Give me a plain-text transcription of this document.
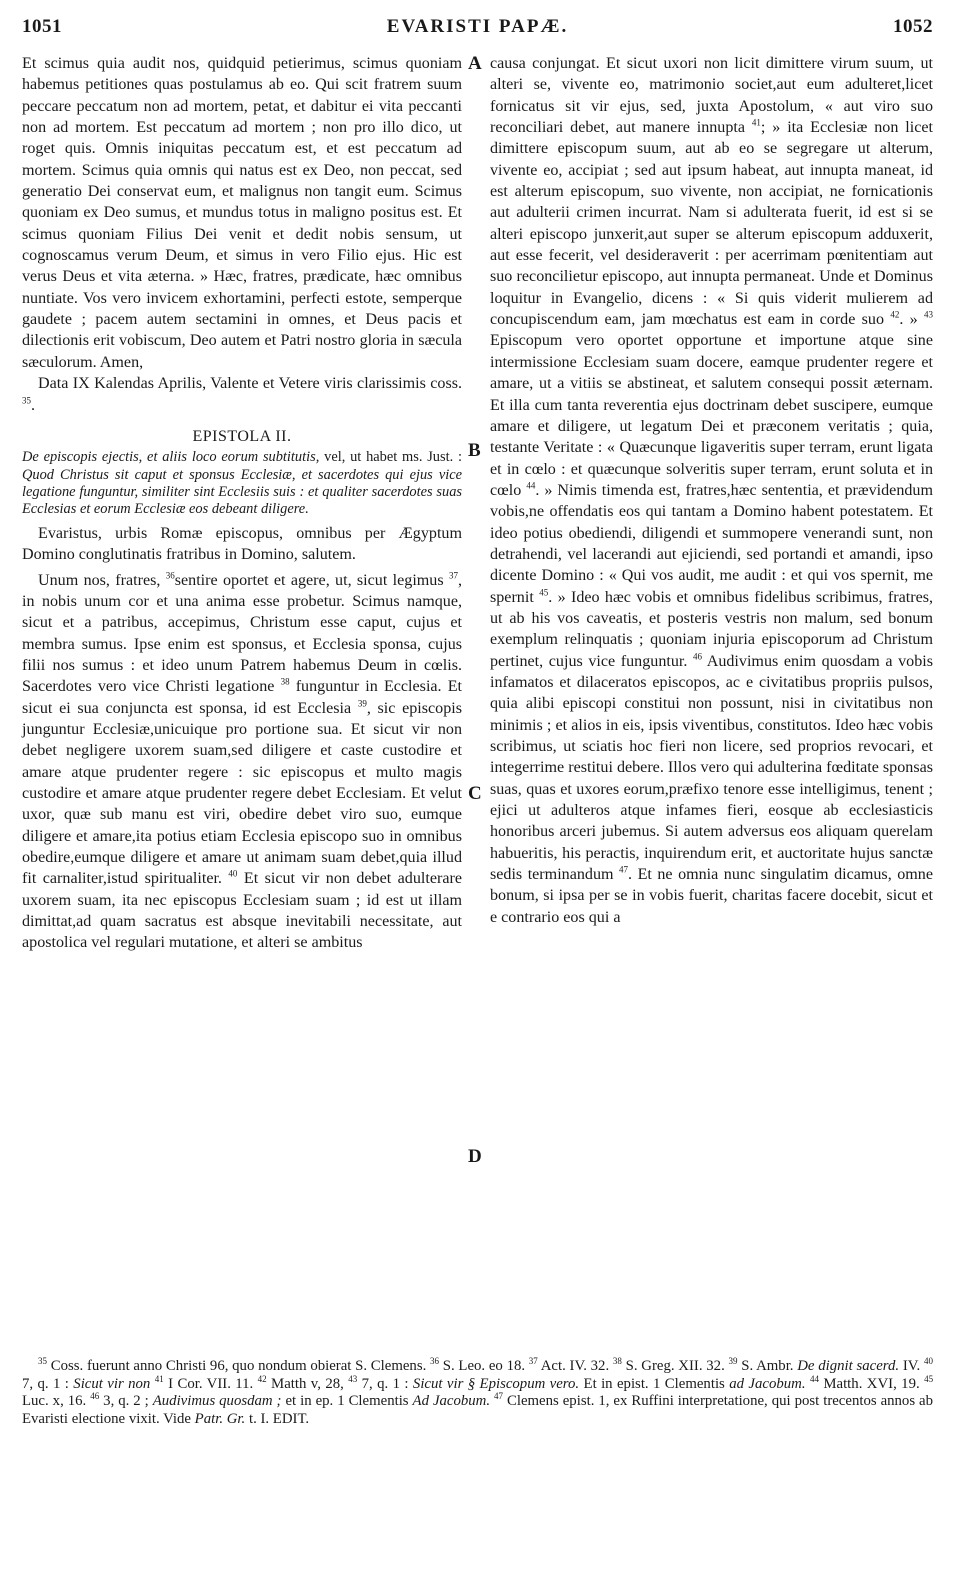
1051	EVARISTI PAPÆ.	1052
A
B
C
D

Et scimus quia audit nos, quidquid petierimus, scimus quoniam habemus petitiones quas postulamus ab eo. Qui scit fratrem suum peccare peccatum non ad mortem, petat, et dabitur ei vita peccanti non ad mortem. Est peccatum ad mortem ; non pro illo dico, ut roget quis. Omnis iniquitas peccatum est, et est peccatum ad mortem. Scimus quia omnis qui natus est ex Deo, non peccat, sed generatio Dei conservat eum, et malignus non tangit eum. Scimus quoniam ex Deo sumus, et mundus totus in maligno positus est. Et scimus quoniam Filius Dei venit et dedit nobis sensum, ut cognoscamus verum Deum, et simus in vero Filio ejus. Hic est verus Deus et vita æterna. » Hæc, fratres, prædicate, hæc omnibus nuntiate. Vos vero invicem exhortamini, perfecti estote, semperque gaudete ; pacem autem sectamini in omnes, et Deus pacis et dilectionis erit vobiscum, Deo autem et Patri nostro gloria in sæcula sæculorum. Amen,

Data IX Kalendas Aprilis, Valente et Vetere viris clarissimis coss. $^{35}$.

EPISTOLA II.

De episcopis ejectis, et aliis loco eorum subtitutis, vel, ut habet ms. Just. : Quod Christus sit caput et sponsus Ecclesiæ, et sacerdotes qui ejus vice legatione funguntur, similiter sint Ecclesiis suis : et qualiter sacerdotes suas Ecclesias et eorum Ecclesiæ eos debeant diligere.

Evaristus, urbis Romæ episcopus, omnibus per Ægyptum Domino conglutinatis fratribus in Domino, salutem.

Unum nos, fratres, $^{36}$sentire oportet et agere, ut, sicut legimus $^{37}$, in nobis unum cor et una anima esse probetur. Scimus namque, sicut et a patribus, accepimus, Christum esse caput, cujus et membra sumus. Ipse enim est sponsus, et Ecclesia sponsa, cujus filii nos sumus : et ideo unum Patrem habemus Deum in cœlis. Sacerdotes vero vice Christi legatione $^{38}$ funguntur in Ecclesia. Et sicut ei sua conjuncta est sponsa, id est Ecclesia $^{39}$, sic episcopis junguntur Ecclesiæ,unicuique pro portione sua. Et sicut vir non debet negligere uxorem suam,sed diligere et caste custodire et amare atque prudenter regere : sic episcopus et multo magis custodire et amare atque prudenter regere debet Ecclesiam. Et velut uxor, quæ sub manu est viri, obedire debet viro suo, eumque diligere et amare,ita potius etiam Ecclesia episcopo suo in omnibus obedire,eumque diligere et amare ut animam suam debet,quia illud fit carnaliter,istud spiritualiter. $^{40}$ Et sicut vir non debet adulterare uxorem suam, ita nec episcopus Ecclesiam suam ; id est ut illam dimittat,ad quam sacratus est absque inevitabili necessitate, aut apostolica vel regulari mutatione, et alteri se ambitus

causa conjungat. Et sicut uxori non licit dimittere virum suum, ut alteri se, vivente eo, matrimonio societ,aut eum adulteret,licet fornicatus sit vir ejus, sed, juxta Apostolum, « aut viro suo reconciliari debet, aut manere innupta $^{41}$; » ita Ecclesiæ non licet dimittere episcopum suum, aut ab eo se segregare ut alterum, vivente eo, accipiat ; sed aut ipsum habeat, aut innupta maneat, id est alterum episcopum, suo vivente, non accipiat, ne fornicationis aut adulterii crimen incurrat. Nam si adulterata fuerit, id est si se alteri episcopo junxerit,aut super se alterum episcopum adduxerit, aut esse fecerit, vel desideraverit : per acerrimam pœnitentiam aut suo reconcilietur episcopo, aut innupta permaneat. Unde et Dominus loquitur in Evangelio, dicens : « Si quis viderit mulierem ad concupiscendum eam, jam mœchatus est eam in corde suo $^{42}$. » $^{43}$ Episcopum vero oportet opportune et importune atque sine intermissione Ecclesiam suam docere, eamque prudenter regere et amare, ut a vitiis se abstineat, et salutem consequi possit æternam. Et illa cum tanta reverentia ejus doctrinam debet suscipere, eumque amare et diligere, ut legatum Dei et præconem veritatis ; quia, testante Veritate : « Quæcunque ligaveritis super terram, erunt ligata et in cœlo : et quæcunque solveritis super terram, erunt soluta et in cœlo $^{44}$. » Nimis timenda est, fratres,hæc sententia, et prævidendum vobis,ne offendatis eos qui tantam a Domino habent potestatem. Et ideo potius obediendi, diligendi et summopere venerandi sunt, non detrahendi, vel lacerandi aut ejiciendi, sed portandi et amandi, ipso dicente Domino : « Qui vos audit, me audit : et qui vos spernit, me spernit $^{45}$. » Ideo hæc vobis et omnibus fidelibus scribimus, fratres, ut ab his vos caveatis, et posteris vestris non malum, sed bonum exemplum relinquatis ; quoniam injuria episcoporum ad Christum pertinet, cujus vice funguntur. $^{46}$ Audivimus enim quosdam a vobis infamatos et dilaceratos episcopos, ac e civitatibus propriis pulsos, quia alibi episcopi constitui non possunt, nisi in civitatibus non minimis ; et alios in eis, ipsis viventibus, constitutos. Ideo hæc vobis scribimus, ut sciatis hoc fieri non licere, sed proprios revocari, et integerrime restitui debere. Illos vero qui adulterina fœditate sponsas suas, quas et uxores eorum,præfixo tenore esse intelligimus, tenent ; ejici ut adulteros atque infames fieri, eosque ab ecclesiasticis honoribus arceri jubemus. Si autem adversus eos aliquam querelam habueritis, his peractis, inquirendum erit, et auctoritate hujus sanctæ sedis terminandum $^{47}$. Et ne omnia nunc singulatim dicamus, omne bonum, si ipsa per se in vobis fuerit, charitas facere docebit, sicut et e contrario eos qui a

$^{35}$ Coss. fuerunt anno Christi 96, quo nondum obierat S. Clemens. $^{36}$ S. Leo. eo 18. $^{37}$ Act. IV. 32. $^{38}$ S. Greg. XII. 32. $^{39}$ S. Ambr. De dignit sacerd. IV. $^{40}$ 7, q. 1 : Sicut vir non $^{41}$ I Cor. VII. 11. $^{42}$ Matth v, 28, $^{43}$ 7, q. 1 : Sicut vir § Episcopum vero. Et in epist. 1 Clementis ad Jacobum. $^{44}$ Matth. XVI, 19. $^{45}$ Luc. x, 16. $^{46}$ 3, q. 2 ; Audivimus quosdam ; et in ep. 1 Clementis Ad Jacobum. $^{47}$ Clemens epist. 1, ex Ruffini interpretatione, qui post trecentos annos ab Evaristi electione vixit. Vide Patr. Gr. t. I. EDIT.
